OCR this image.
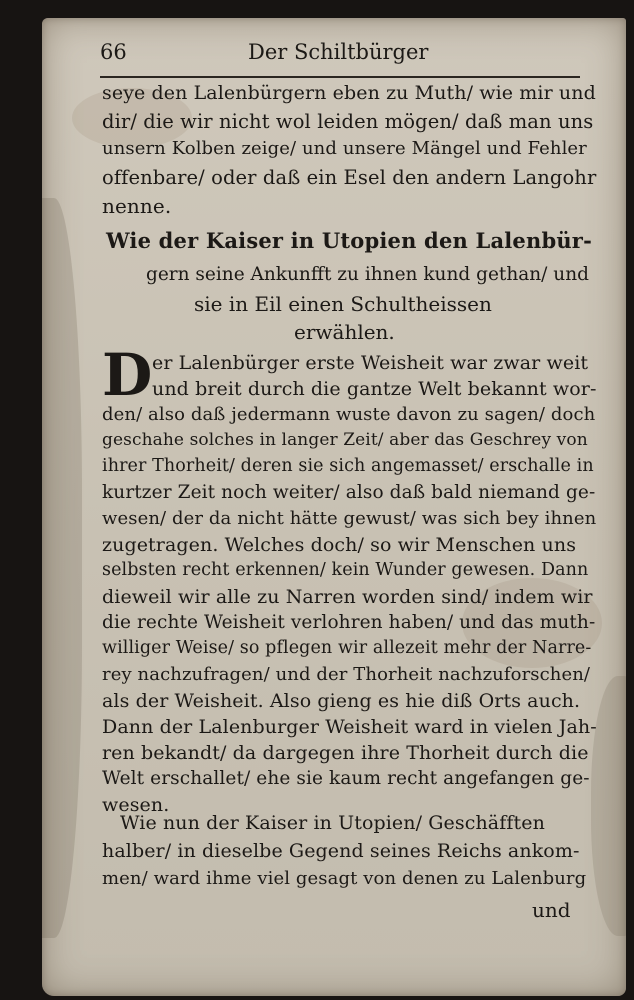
66	Der Schiltbürger
seye den Lalenbürgern eben zu Muth/ wie mir und
dir/ die wir nicht wol leiden mögen/ daß man uns
unsern Kolben zeige/ und unsere Mängel und Fehler
offenbare/ oder daß ein Esel den andern Langohr
nenne.
Wie der Kaiser in Utopien den Lalenbür-
gern seine Ankunfft zu ihnen kund gethan/ und
sie in Eil einen Schultheissen
erwählen.
D er Lalenbürger erste Weisheit war zwar weit
und breit durch die gantze Welt bekannt wor-
den/ also daß jedermann wuste davon zu sagen/ doch
geschahe solches in langer Zeit/ aber das Geschrey von
ihrer Thorheit/ deren sie sich angemasset/ erschalle in
kurtzer Zeit noch weiter/ also daß bald niemand ge-
wesen/ der da nicht hätte gewust/ was sich bey ihnen
zugetragen. Welches doch/ so wir Menschen uns
selbsten recht erkennen/ kein Wunder gewesen. Dann
dieweil wir alle zu Narren worden sind/ indem wir
die rechte Weisheit verlohren haben/ und das muth-
williger Weise/ so pflegen wir allezeit mehr der Narre-
rey nachzufragen/ und der Thorheit nachzuforschen/
als der Weisheit. Also gieng es hie diß Orts auch.
Dann der Lalenburger Weisheit ward in vielen Jah-
ren bekandt/ da dargegen ihre Thorheit durch die
Welt erschallet/ ehe sie kaum recht angefangen ge-
wesen.
Wie nun der Kaiser in Utopien/ Geschäfften
halber/ in dieselbe Gegend seines Reichs ankom-
men/ ward ihme viel gesagt von denen zu Lalenburg
und
